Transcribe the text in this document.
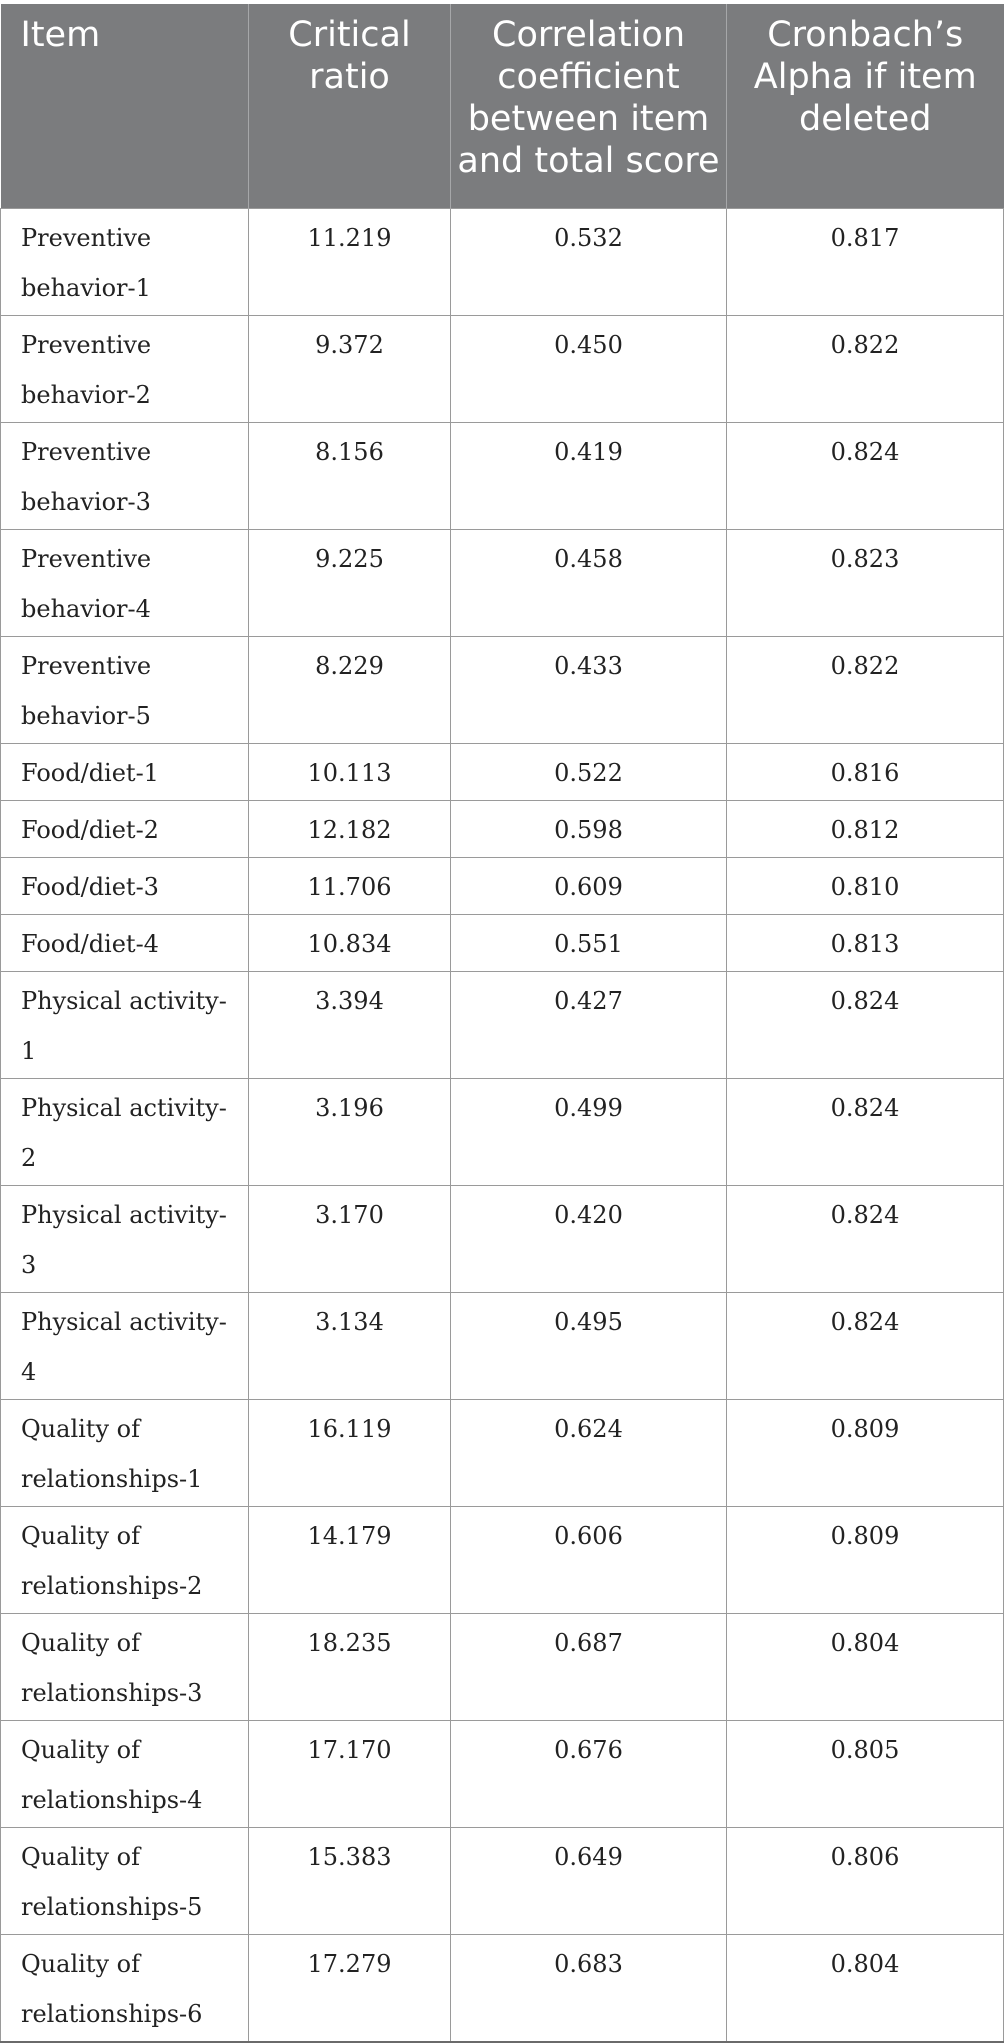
Item	Critical ratio	Correlation coefficient between item and total score	Cronbach’s Alpha if item deleted
Preventive behavior-1	11.219	0.532	0.817
Preventive behavior-2	9.372	0.450	0.822
Preventive behavior-3	8.156	0.419	0.824
Preventive behavior-4	9.225	0.458	0.823
Preventive behavior-5	8.229	0.433	0.822
Food/diet-1	10.113	0.522	0.816
Food/diet-2	12.182	0.598	0.812
Food/diet-3	11.706	0.609	0.810
Food/diet-4	10.834	0.551	0.813
Physical activity-1	3.394	0.427	0.824
Physical activity-2	3.196	0.499	0.824
Physical activity-3	3.170	0.420	0.824
Physical activity-4	3.134	0.495	0.824
Quality of relationships-1	16.119	0.624	0.809
Quality of relationships-2	14.179	0.606	0.809
Quality of relationships-3	18.235	0.687	0.804
Quality of relationships-4	17.170	0.676	0.805
Quality of relationships-5	15.383	0.649	0.806
Quality of relationships-6	17.279	0.683	0.804
